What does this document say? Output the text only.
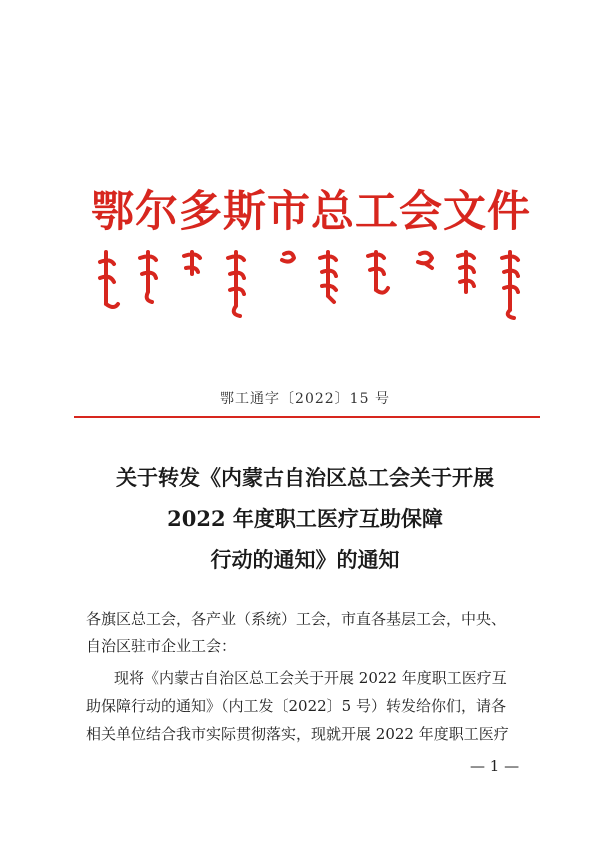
鄂尔多斯市总工会文件
鄂工通字〔2022〕15 号
关于转发《内蒙古自治区总工会关于开展
2022 年度职工医疗互助保障
行动的通知》的通知
各旗区总工会，各产业（系统）工会，市直各基层工会，中央、
自治区驻市企业工会：
现将《内蒙古自治区总工会关于开展 2022 年度职工医疗互
助保障行动的通知》（内工发〔2022〕5 号）转发给你们，请各
相关单位结合我市实际贯彻落实，现就开展 2022 年度职工医疗
— 1 —
